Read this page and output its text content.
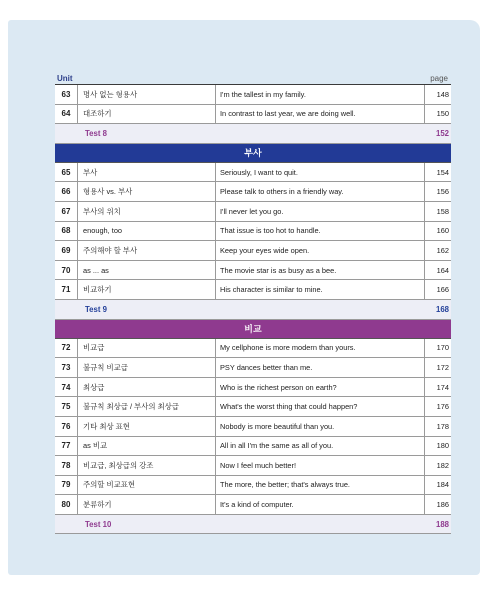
Unit	page
63	명사 없는 형용사	I'm the tallest in my family.	148
64	대조하기	In contrast to last year, we are doing well.	150
Test 8	152
부사
65	부사	Seriously, I want to quit.	154
66	형용사 vs. 부사	Please talk to others in a friendly way.	156
67	부사의 위치	I'll never let you go.	158
68	enough, too	That issue is too hot to handle.	160
69	주의해야 할 부사	Keep your eyes wide open.	162
70	as ... as	The movie star is as busy as a bee.	164
71	비교하기	His character is similar to mine.	166
Test 9	168
비교
72	비교급	My cellphone is more modern than yours.	170
73	불규칙 비교급	PSY dances better than me.	172
74	최상급	Who is the richest person on earth?	174
75	불규칙 최상급 / 부사의 최상급	What's the worst thing that could happen?	176
76	기타 최상 표현	Nobody is more beautiful than you.	178
77	as 비교	All in all I'm the same as all of you.	180
78	비교급, 최상급의 강조	Now I feel much better!	182
79	주의할 비교표현	The more, the better; that's always true.	184
80	분류하기	It's a kind of computer.	186
Test 10	188
